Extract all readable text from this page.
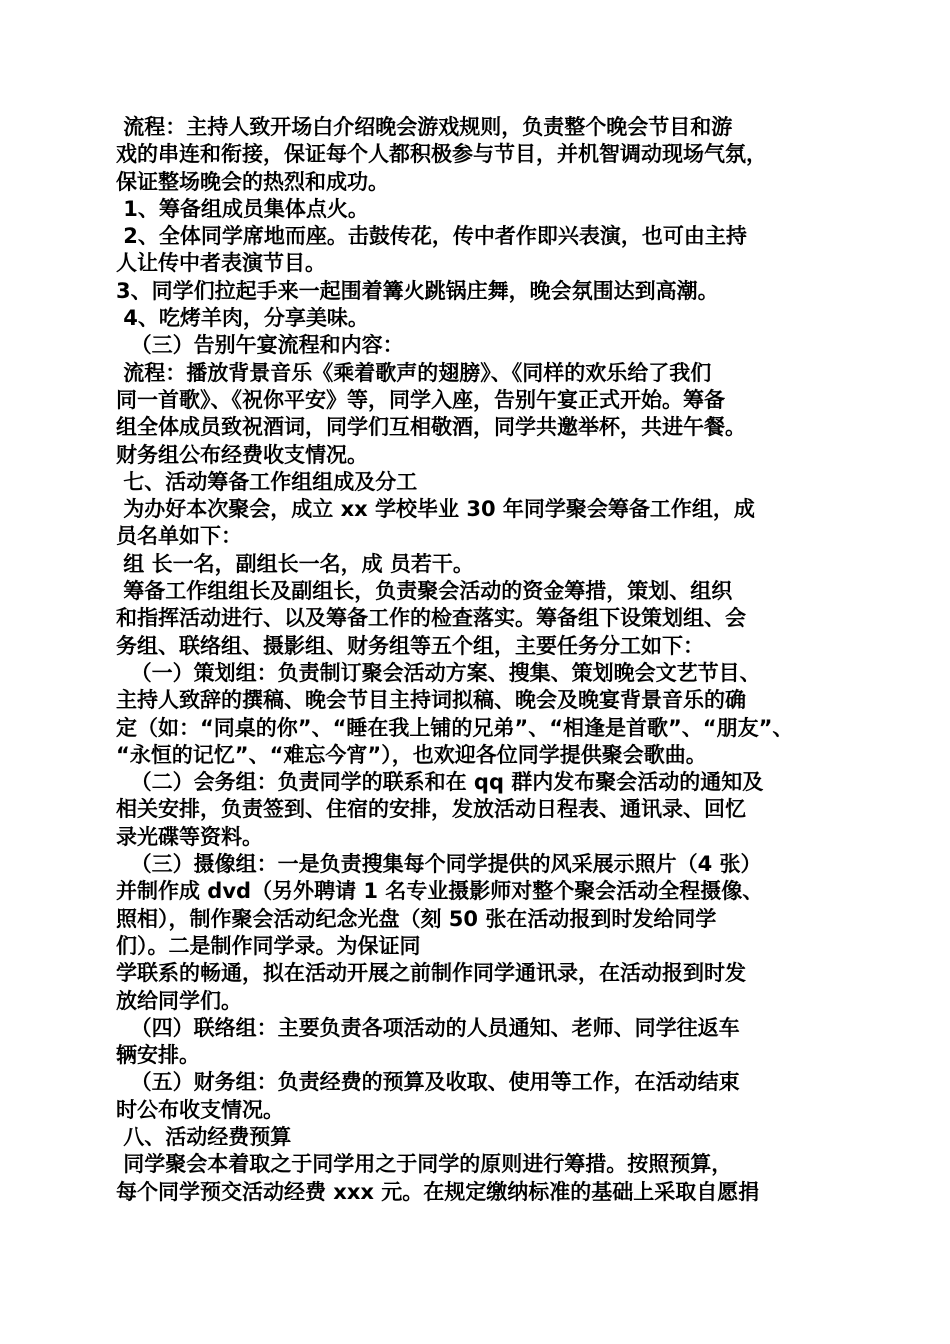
流程：主持人致开场白介绍晚会游戏规则，负责整个晚会节目和游
戏的串连和衔接，保证每个人都积极参与节目，并机智调动现场气氛，
保证整场晚会的热烈和成功。
1、筹备组成员集体点火。
2、全体同学席地而座。击鼓传花，传中者作即兴表演，也可由主持
人让传中者表演节目。
3、同学们拉起手来一起围着篝火跳锅庄舞，晚会氛围达到高潮。
4、吃烤羊肉，分享美味。
（三）告别午宴流程和内容：
流程：播放背景音乐《乘着歌声的翅膀》、《同样的欢乐给了我们
同一首歌》、《祝你平安》等，同学入座，告别午宴正式开始。筹备
组全体成员致祝酒词，同学们互相敬酒，同学共邀举杯，共进午餐。
财务组公布经费收支情况。
七、活动筹备工作组组成及分工
为办好本次聚会，成立 xx 学校毕业 30 年同学聚会筹备工作组，成
员名单如下：
组 长一名，副组长一名，成 员若干。
筹备工作组组长及副组长，负责聚会活动的资金筹措，策划、组织
和指挥活动进行、以及筹备工作的检查落实。筹备组下设策划组、会
务组、联络组、摄影组、财务组等五个组，主要任务分工如下：
（一）策划组：负责制订聚会活动方案、搜集、策划晚会文艺节目、
主持人致辞的撰稿、晚会节目主持词拟稿、晚会及晚宴背景音乐的确
定（如：“同桌的你”、“睡在我上铺的兄弟”、“相逢是首歌”、“朋友”、
“永恒的记忆”、“难忘今宵”），也欢迎各位同学提供聚会歌曲。
（二）会务组：负责同学的联系和在 qq 群内发布聚会活动的通知及
相关安排，负责签到、住宿的安排，发放活动日程表、通讯录、回忆
录光碟等资料。
（三）摄像组：一是负责搜集每个同学提供的风采展示照片（4 张）
并制作成 dvd（另外聘请 1 名专业摄影师对整个聚会活动全程摄像、
照相），制作聚会活动纪念光盘（刻 50 张在活动报到时发给同学
们）。二是制作同学录。为保证同
学联系的畅通，拟在活动开展之前制作同学通讯录，在活动报到时发
放给同学们。
（四）联络组：主要负责各项活动的人员通知、老师、同学往返车
辆安排。
（五）财务组：负责经费的预算及收取、使用等工作，在活动结束
时公布收支情况。
八、活动经费预算
同学聚会本着取之于同学用之于同学的原则进行筹措。按照预算，
每个同学预交活动经费 xxx 元。在规定缴纳标准的基础上采取自愿捐
